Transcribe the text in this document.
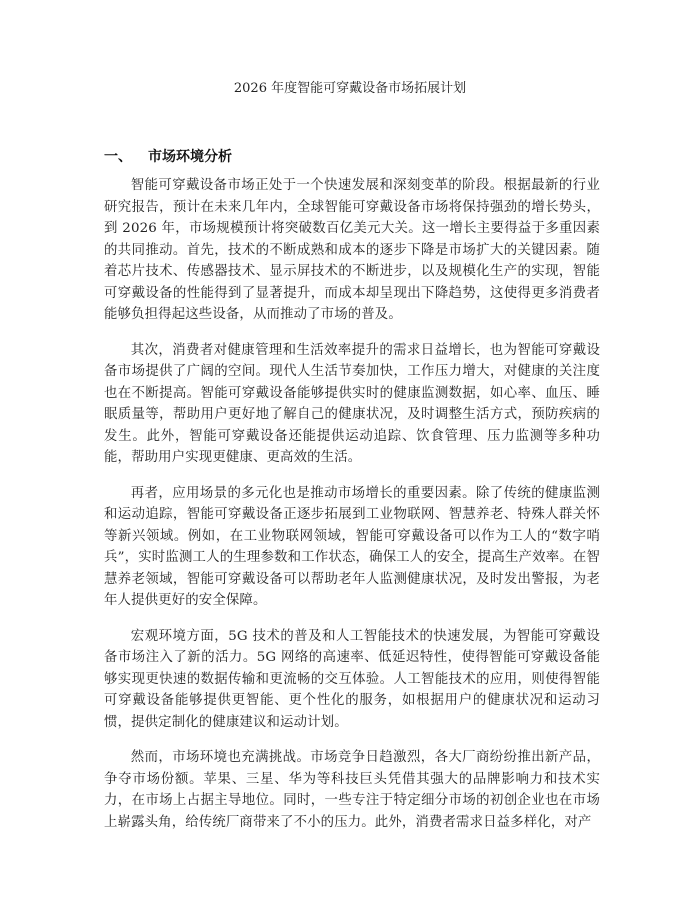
2026 年度智能可穿戴设备市场拓展计划
一、 市场环境分析

智能可穿戴设备市场正处于一个快速发展和深刻变革的阶段。根据最新的行业研究报告，预计在未来几年内，全球智能可穿戴设备市场将保持强劲的增长势头，到 2026 年，市场规模预计将突破数百亿美元大关。这一增长主要得益于多重因素的共同推动。首先，技术的不断成熟和成本的逐步下降是市场扩大的关键因素。随着芯片技术、传感器技术、显示屏技术的不断进步，以及规模化生产的实现，智能可穿戴设备的性能得到了显著提升，而成本却呈现出下降趋势，这使得更多消费者能够负担得起这些设备，从而推动了市场的普及。

其次，消费者对健康管理和生活效率提升的需求日益增长，也为智能可穿戴设备市场提供了广阔的空间。现代人生活节奏加快，工作压力增大，对健康的关注度也在不断提高。智能可穿戴设备能够提供实时的健康监测数据，如心率、血压、睡眠质量等，帮助用户更好地了解自己的健康状况，及时调整生活方式，预防疾病的发生。此外，智能可穿戴设备还能提供运动追踪、饮食管理、压力监测等多种功能，帮助用户实现更健康、更高效的生活。

再者，应用场景的多元化也是推动市场增长的重要因素。除了传统的健康监测和运动追踪，智能可穿戴设备正逐步拓展到工业物联网、智慧养老、特殊人群关怀等新兴领域。例如，在工业物联网领域，智能可穿戴设备可以作为工人的“数字哨兵”，实时监测工人的生理参数和工作状态，确保工人的安全，提高生产效率。在智慧养老领域，智能可穿戴设备可以帮助老年人监测健康状况，及时发出警报，为老年人提供更好的安全保障。

宏观环境方面，5G 技术的普及和人工智能技术的快速发展，为智能可穿戴设备市场注入了新的活力。5G 网络的高速率、低延迟特性，使得智能可穿戴设备能够实现更快速的数据传输和更流畅的交互体验。人工智能技术的应用，则使得智能可穿戴设备能够提供更智能、更个性化的服务，如根据用户的健康状况和运动习惯，提供定制化的健康建议和运动计划。

然而，市场环境也充满挑战。市场竞争日趋激烈，各大厂商纷纷推出新产品，争夺市场份额。苹果、三星、华为等科技巨头凭借其强大的品牌影响力和技术实力，在市场上占据主导地位。同时，一些专注于特定细分市场的初创企业也在市场上崭露头角，给传统厂商带来了不小的压力。此外，消费者需求日益多样化，对产
